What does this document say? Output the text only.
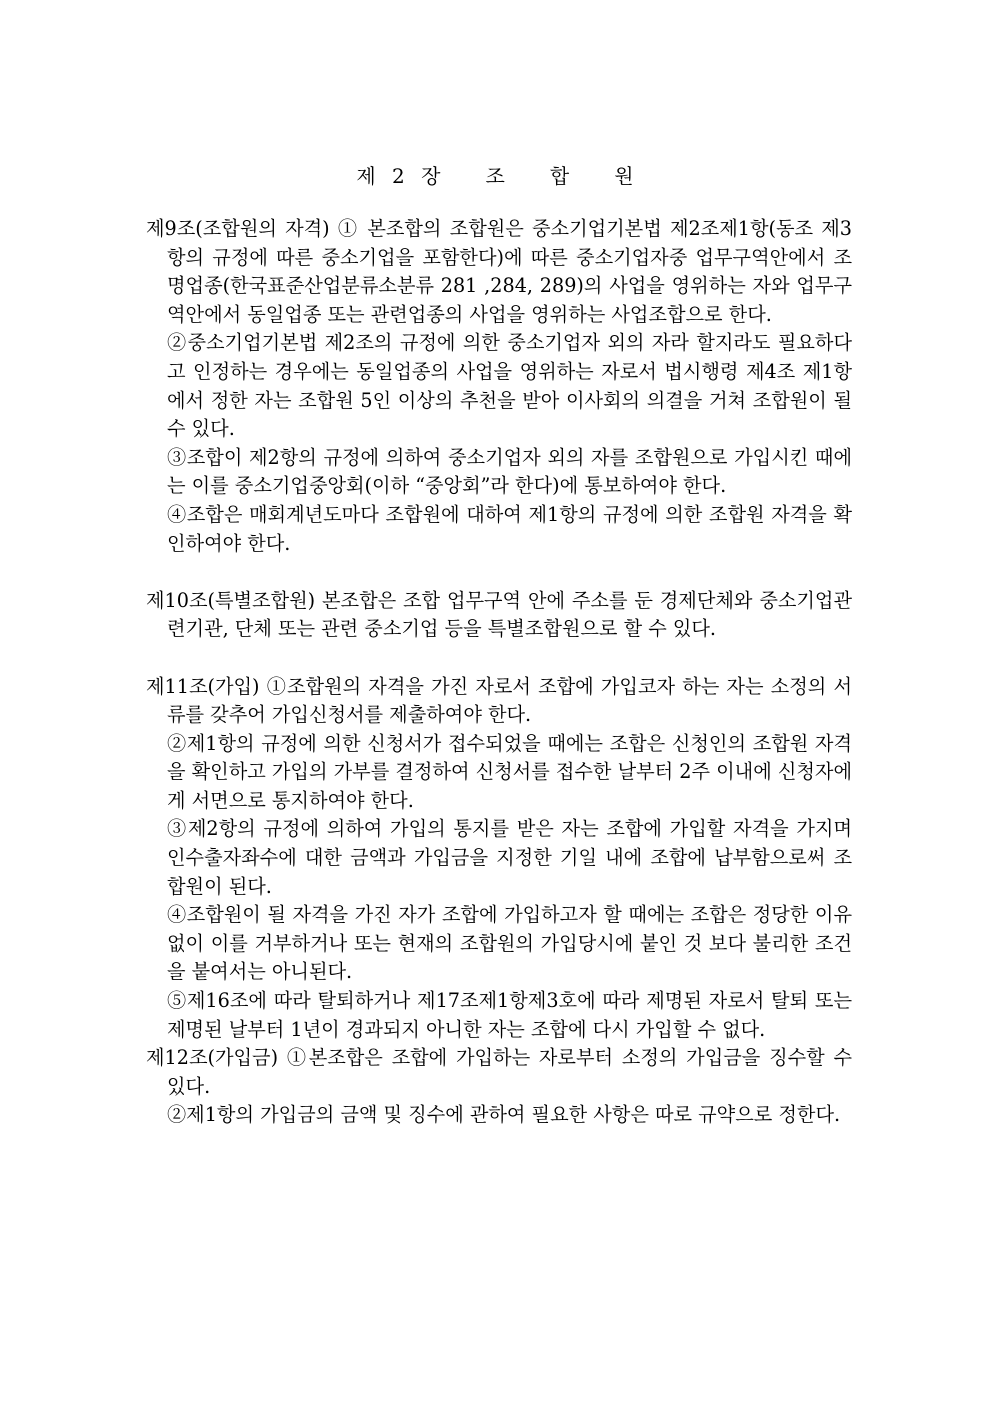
제 2 장   조   합   원

제9조(조합원의 자격) ① 본조합의 조합원은 중소기업기본법 제2조제1항(동조 제3항의 규정에 따른 중소기업을 포함한다)에 따른 중소기업자중 업무구역안에서 조명업종(한국표준산업분류소분류 281 ,284, 289)의 사업을 영위하는 자와 업무구역안에서 동일업종 또는 관련업종의 사업을 영위하는 사업조합으로 한다.

②중소기업기본법 제2조의 규정에 의한 중소기업자 외의 자라 할지라도 필요하다고 인정하는 경우에는 동일업종의 사업을 영위하는 자로서 법시행령 제4조 제1항에서 정한 자는 조합원 5인 이상의 추천을 받아 이사회의 의결을 거쳐 조합원이 될 수 있다.

③조합이 제2항의 규정에 의하여 중소기업자 외의 자를 조합원으로 가입시킨 때에는 이를 중소기업중앙회(이하 “중앙회”라 한다)에 통보하여야 한다.

④조합은 매회계년도마다 조합원에 대하여 제1항의 규정에 의한 조합원 자격을 확인하여야 한다.

제10조(특별조합원) 본조합은 조합 업무구역 안에 주소를 둔 경제단체와 중소기업관련기관, 단체 또는 관련 중소기업 등을 특별조합원으로 할 수 있다.

제11조(가입) ①조합원의 자격을 가진 자로서 조합에 가입코자 하는 자는 소정의 서류를 갖추어 가입신청서를 제출하여야 한다.

②제1항의 규정에 의한 신청서가 접수되었을 때에는 조합은 신청인의 조합원 자격을 확인하고 가입의 가부를 결정하여 신청서를 접수한 날부터 2주 이내에 신청자에게 서면으로 통지하여야 한다.

③제2항의 규정에 의하여 가입의 통지를 받은 자는 조합에 가입할 자격을 가지며 인수출자좌수에 대한 금액과 가입금을 지정한 기일 내에 조합에 납부함으로써 조합원이 된다.

④조합원이 될 자격을 가진 자가 조합에 가입하고자 할 때에는 조합은 정당한 이유없이 이를 거부하거나 또는 현재의 조합원의 가입당시에 붙인 것 보다 불리한 조건을 붙여서는 아니된다.

⑤제16조에 따라 탈퇴하거나 제17조제1항제3호에 따라 제명된 자로서 탈퇴 또는 제명된 날부터 1년이 경과되지 아니한 자는 조합에 다시 가입할 수 없다.

제12조(가입금) ①본조합은 조합에 가입하는 자로부터 소정의 가입금을 징수할 수 있다.

②제1항의 가입금의 금액 및 징수에 관하여 필요한 사항은 따로 규약으로 정한다.
